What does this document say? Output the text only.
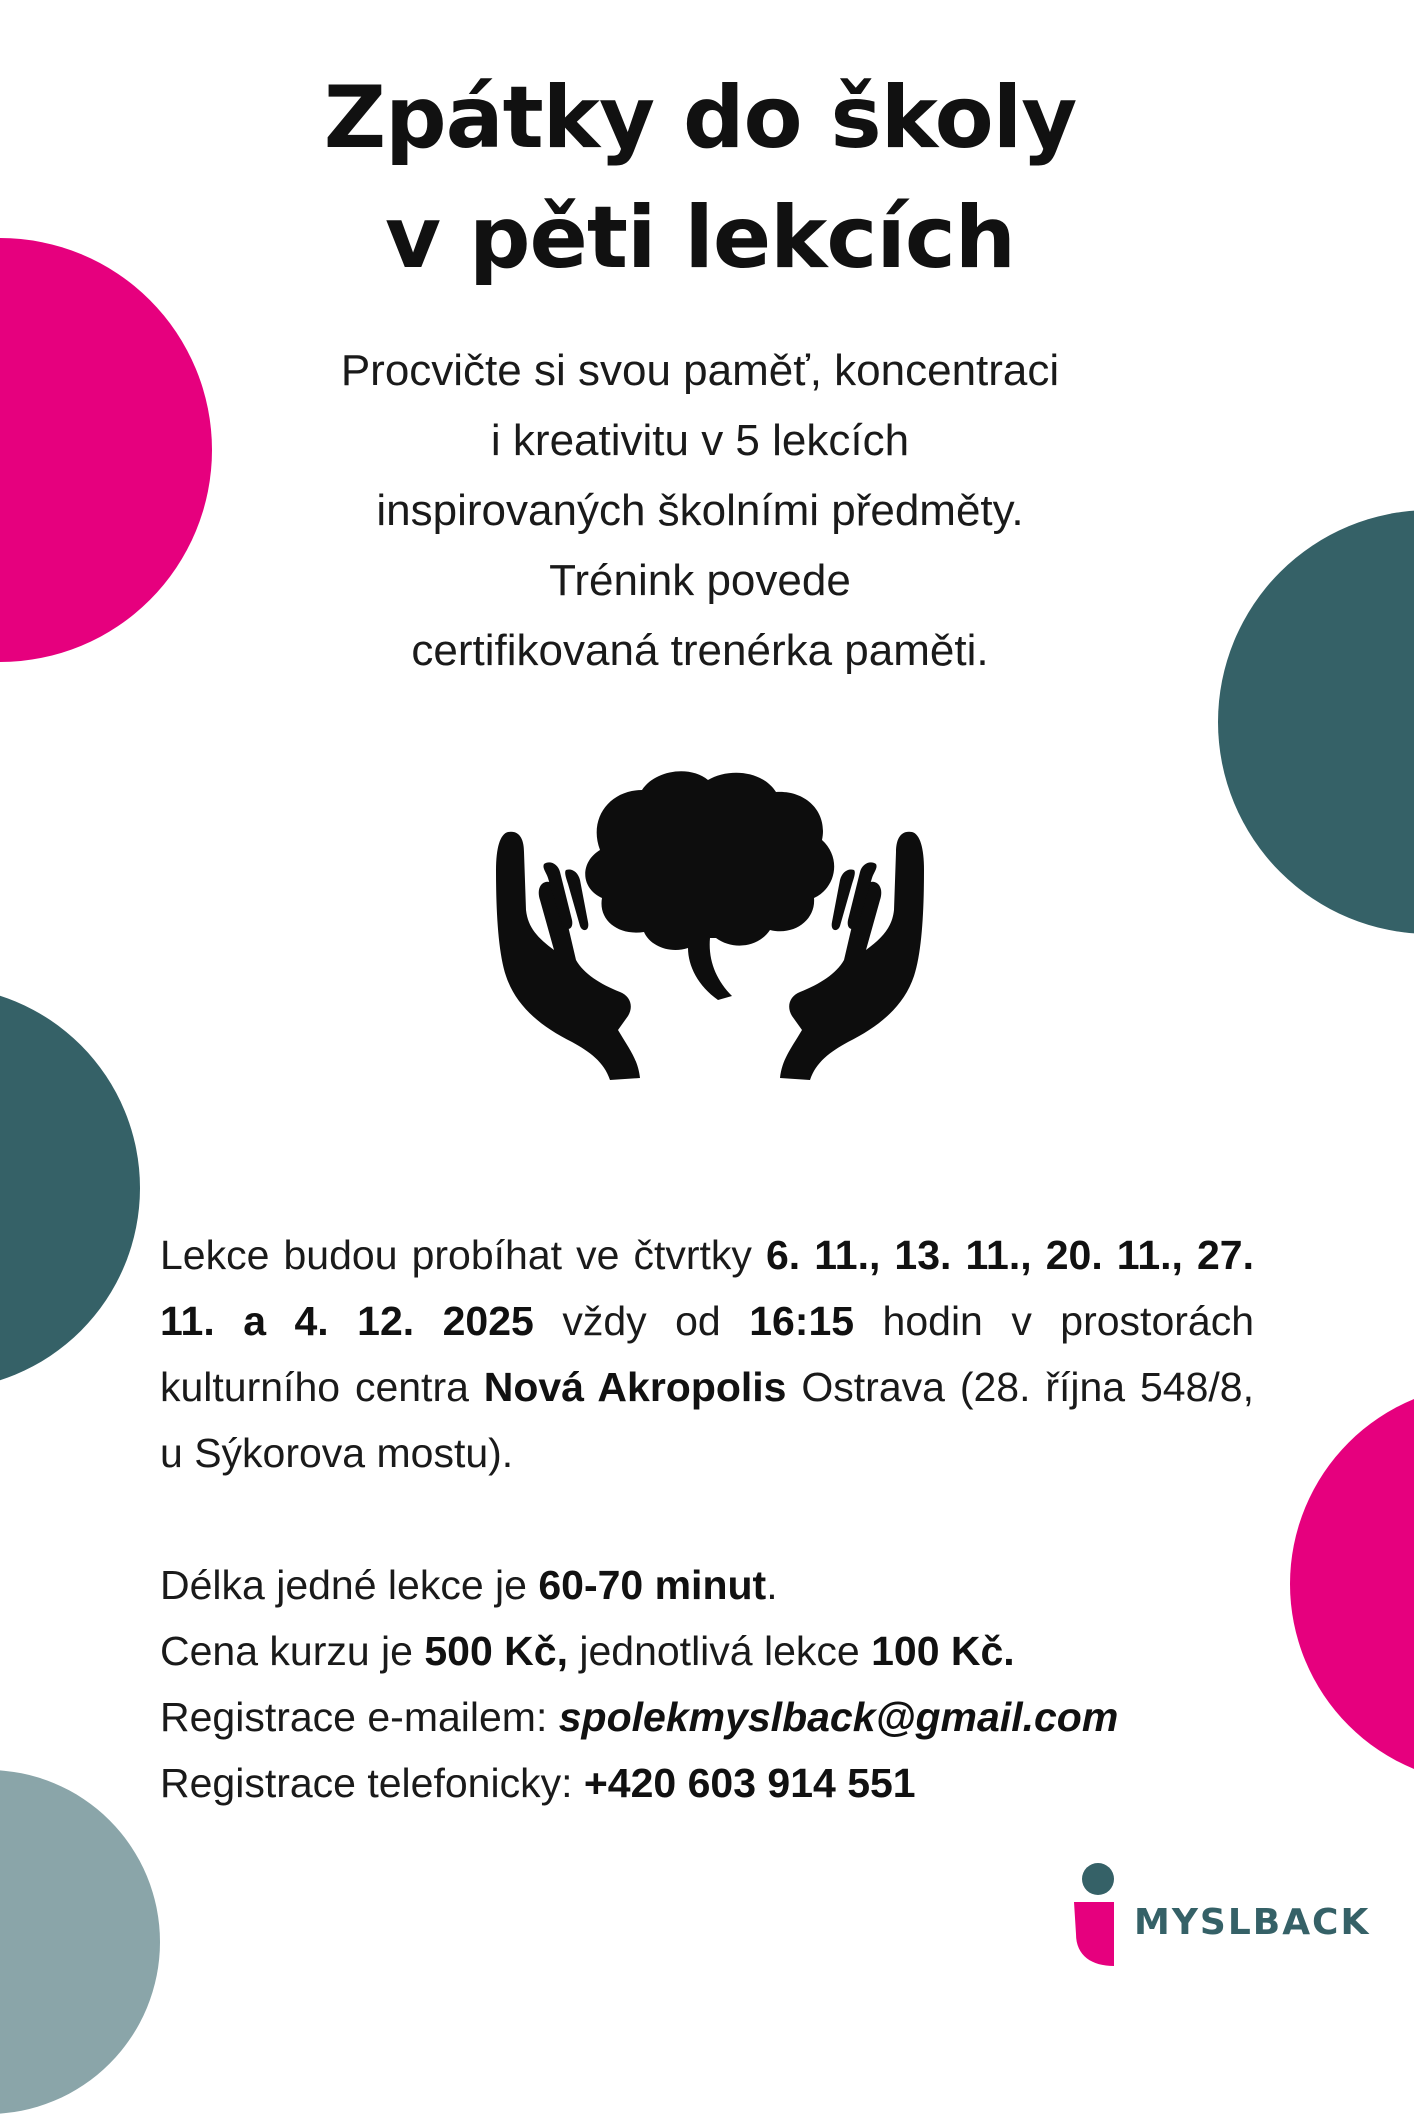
Zpátky do školy
v pěti lekcích
Procvičte si svou paměť, koncentraci
i kreativitu v 5 lekcích
inspirovaných školními předměty.
Trénink povede
certifikovaná trenérka paměti.

Lekce budou probíhat ve čtvrtky 6. 11., 13. 11., 20. 11., 27. 11. a 4. 12. 2025 vždy od 16:15 hodin v prostorách kulturního centra Nová Akropolis Ostrava (28. října 548/8, u Sýkorova mostu).

Délka jedné lekce je 60-70 minut.

Cena kurzu je 500 Kč, jednotlivá lekce 100 Kč.

Registrace e-mailem: spolekmyslback@gmail.com

Registrace telefonicky: +420 603 914 551

MYSLBACK
